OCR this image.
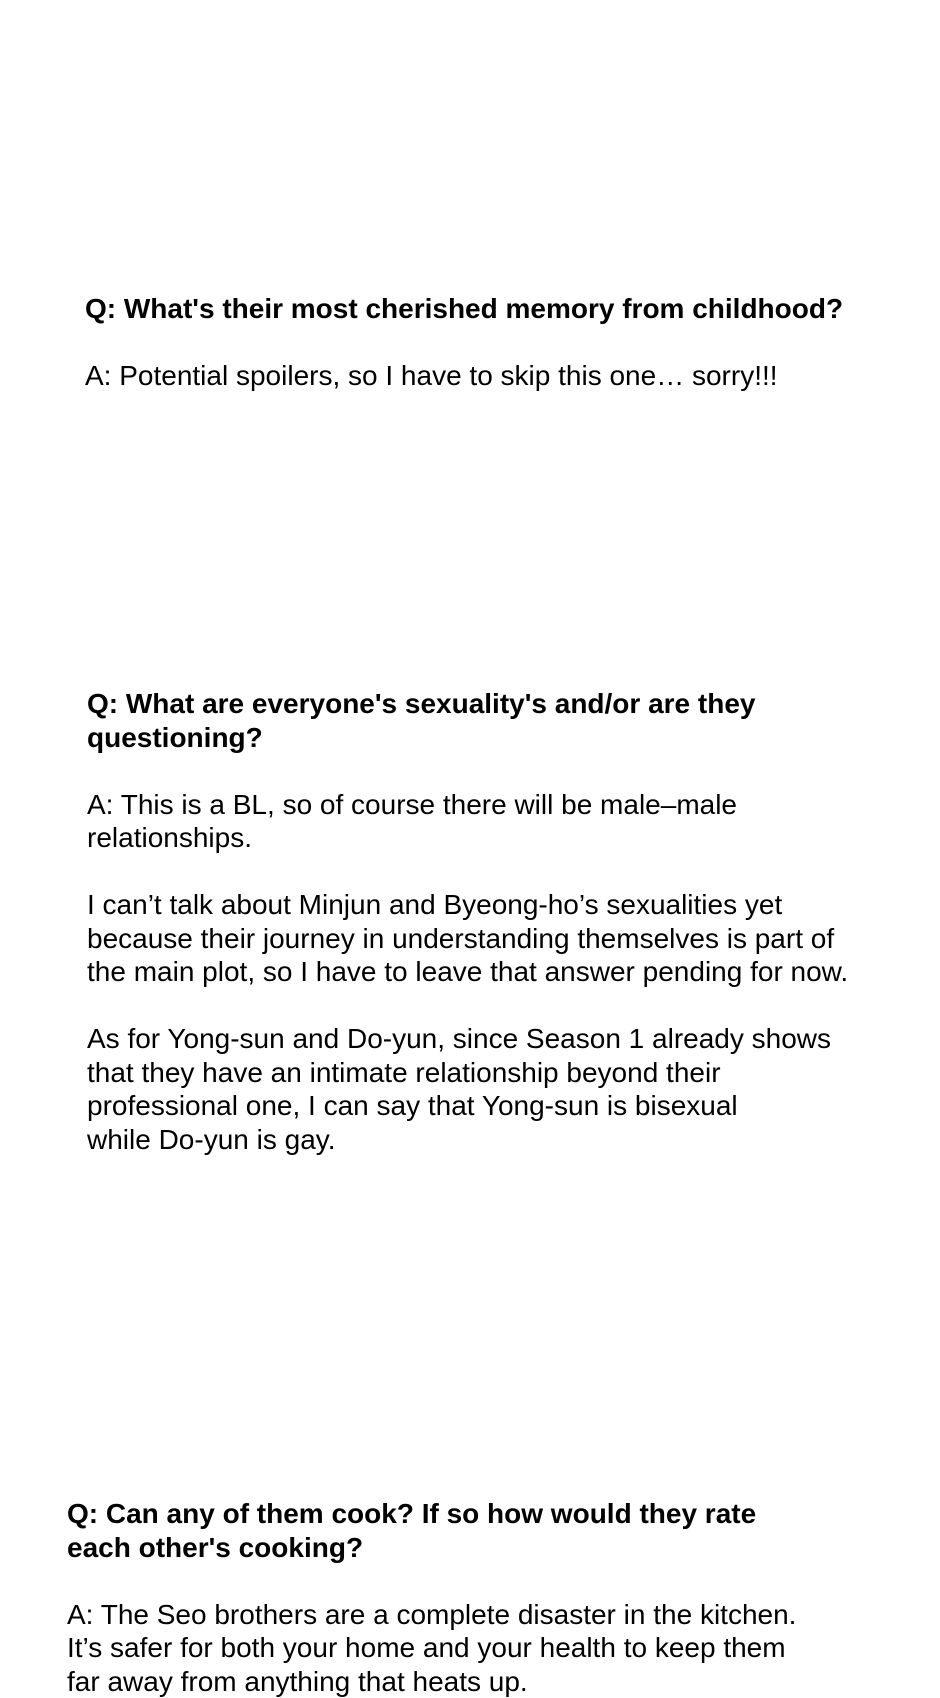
Q: What's their most cherished memory from childhood?

A: Potential spoilers, so I have to skip this one… sorry!!!

Q: What are everyone's sexuality's and/or are they

questioning?

A: This is a BL, so of course there will be male–male

relationships.

I can’t talk about Minjun and Byeong-ho’s sexualities yet

because their journey in understanding themselves is part of

the main plot, so I have to leave that answer pending for now.

As for Yong-sun and Do-yun, since Season 1 already shows

that they have an intimate relationship beyond their

professional one, I can say that Yong-sun is bisexual

while Do-yun is gay.

Q: Can any of them cook? If so how would they rate

each other's cooking?

A: The Seo brothers are a complete disaster in the kitchen.

It’s safer for both your home and your health to keep them

far away from anything that heats up.
